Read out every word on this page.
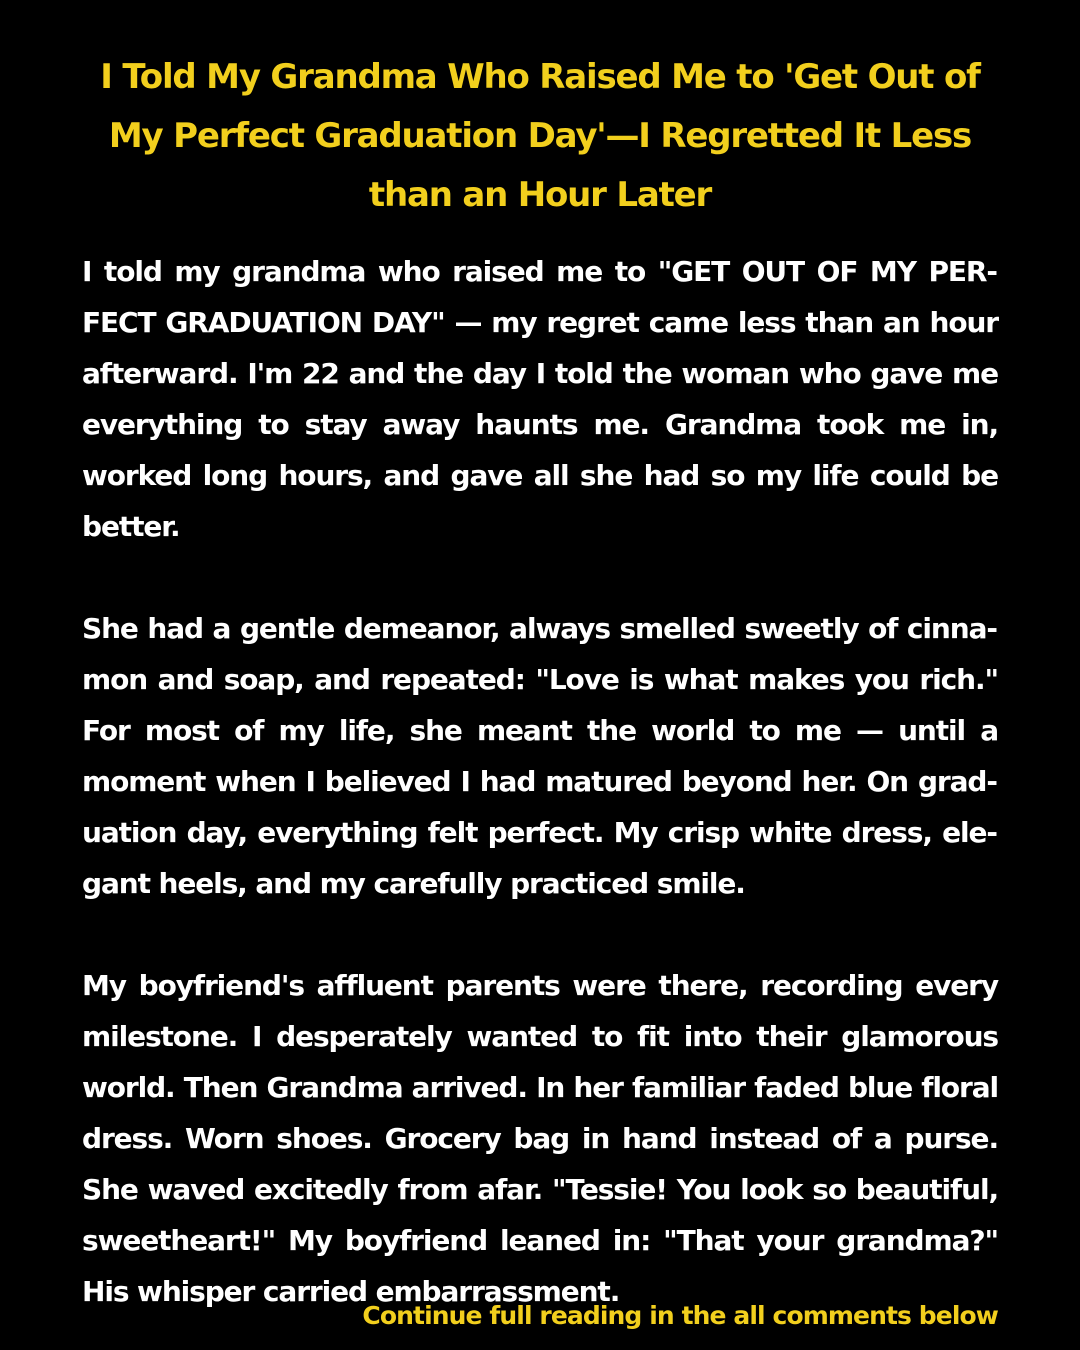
I Told My Grandma Who Raised Me to 'Get Out of My Perfect Graduation Day'—I Regretted It Less than an Hour Later

I told my grandma who raised me to "GET OUT OF MY PERFECT GRADUATION DAY" — my regret came less than an hour afterward. I'm 22 and the day I told the woman who gave me everything to stay away haunts me. Grandma took me in, worked long hours, and gave all she had so my life could be better.

She had a gentle demeanor, always smelled sweetly of cinnamon and soap, and repeated: "Love is what makes you rich." For most of my life, she meant the world to me — until a moment when I believed I had matured beyond her. On graduation day, everything felt perfect. My crisp white dress, elegant heels, and my carefully practiced smile.

My boyfriend's affluent parents were there, recording every milestone. I desperately wanted to fit into their glamorous world. Then Grandma arrived. In her familiar faded blue floral dress. Worn shoes. Grocery bag in hand instead of a purse. She waved excitedly from afar. "Tessie! You look so beautiful, sweetheart!" My boyfriend leaned in: "That your grandma?" His whisper carried embarrassment.

Continue full reading in the all comments below
